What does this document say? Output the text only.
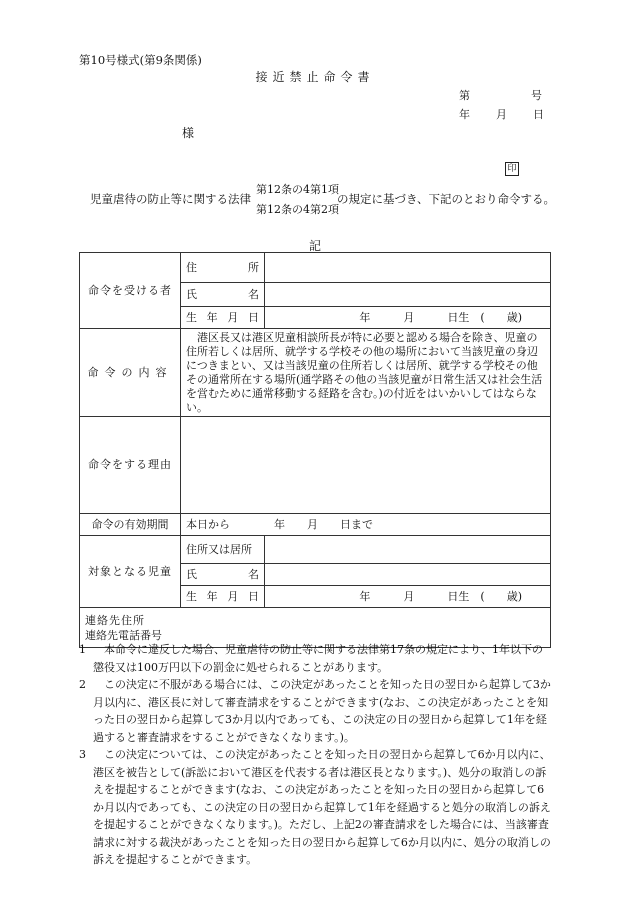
第10号様式(第9条関係)
接近禁止命令書
第	号
年 月 日
様
印
児童虐待の防止等に関する法律
第12条の4第1項
第12条の4第2項
の規定に基づき、下記のとおり命令する。
記
命令を受ける者	住　所	

	氏　名	

	生年月日	年　　　月　　　日生　(　　歳)
命令の内容	港区長又は港区児童相談所長が特に必要と認める場合を除き、児童の住所若しくは居所、就学する学校その他の場所において当該児童の身辺につきまとい、又は当該児童の住所若しくは居所、就学する学校その他その通常所在する場所(通学路その他の当該児童が日常生活又は社会生活を営むために通常移動する経路を含む。)の付近をはいかいしてはならない。	
命令をする理由		
命令の有効期間	本日から　　　　年　　月　　日まで	
対象となる児童	住所又は居所	

	氏　名	

	生年月日	年　　　月　　　日生　(　　歳)

連絡先住所
連絡先電話番号		
1	本命令に違反した場合、児童虐待の防止等に関する法律第17条の規定により、1年以下の懲役又は100万円以下の罰金に処せられることがあります。
2	この決定に不服がある場合には、この決定があったことを知った日の翌日から起算して3か月以内に、港区長に対して審査請求をすることができます(なお、この決定があったことを知った日の翌日から起算して3か月以内であっても、この決定の日の翌日から起算して1年を経過すると審査請求をすることができなくなります。)。
3	この決定については、この決定があったことを知った日の翌日から起算して6か月以内に、港区を被告として(訴訟において港区を代表する者は港区長となります。)、処分の取消しの訴えを提起することができます(なお、この決定があったことを知った日の翌日から起算して6か月以内であっても、この決定の日の翌日から起算して1年を経過すると処分の取消しの訴えを提起することができなくなります。)。ただし、上記2の審査請求をした場合には、当該審査請求に対する裁決があったことを知った日の翌日から起算して6か月以内に、処分の取消しの訴えを提起することができます。
